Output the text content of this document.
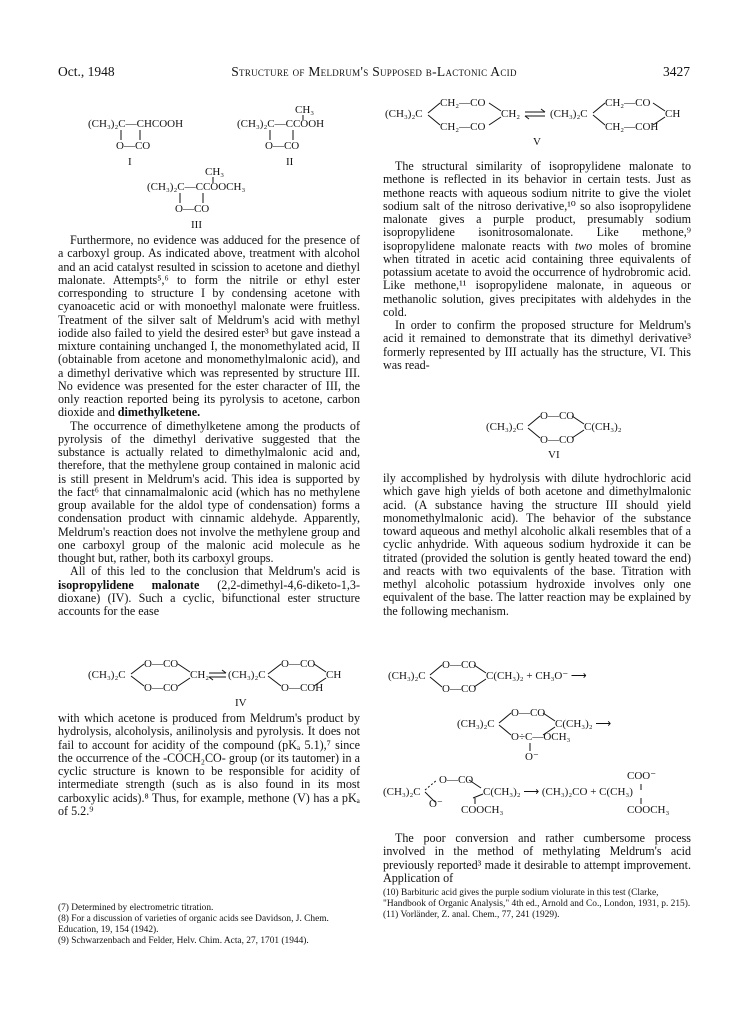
Oct., 1948	Structure of Meldrum's Supposed β-Lactonic Acid	3427

(CH₃)₂C—CHCOOH

O—CO

I

CH₃

(CH₃)₂C—CCOOH

O—CO

II

CH₃

(CH₃)₂C—CCOOCH₃

O—CO

III

Furthermore, no evidence was adduced for the presence of a carboxyl group. As indicated above, treatment with alcohol and an acid catalyst resulted in scission to acetone and diethyl malonate. Attempts⁵,⁶ to form the nitrile or ethyl ester corresponding to structure I by condensing acetone with cyanoacetic acid or with monoethyl malonate were fruitless. Treatment of the silver salt of Meldrum's acid with methyl iodide also failed to yield the desired ester³ but gave instead a mixture containing unchanged I, the monomethylated acid, II (obtainable from acetone and monomethylmalonic acid), and a dimethyl derivative which was represented by structure III. No evidence was presented for the ester character of III, the only reaction reported being its pyrolysis to acetone, carbon dioxide and dimethylketene.

The occurrence of dimethylketene among the products of pyrolysis of the dimethyl derivative suggested that the substance is actually related to dimethylmalonic acid and, therefore, that the methylene group contained in malonic acid is still present in Meldrum's acid. This idea is supported by the fact⁶ that cinnamalmalonic acid (which has no methylene group available for the aldol type of condensation) forms a condensation product with cinnamic aldehyde. Apparently, Meldrum's reaction does not involve the methylene group and one carboxyl group of the malonic acid molecule as he thought but, rather, both its carboxyl groups.

All of this led to the conclusion that Meldrum's acid is isopropylidene malonate (2,2-dimethyl-4,6-diketo-1,3-dioxane) (IV). Such a cyclic, bifunctional ester structure accounts for the ease

(CH₃)₂C

O—CO

O—CO

CH₂

(CH₃)₂C

O—CO

O—COH

CH

IV

with which acetone is produced from Meldrum's product by hydrolysis, alcoholysis, anilinolysis and pyrolysis. It does not fail to account for acidity of the compound (pKₐ 5.1),⁷ since the occurrence of the -COCH₂CO- group (or its tautomer) in a cyclic structure is known to be responsible for acidity of intermediate strength (such as is also found in its most carboxylic acids).⁸ Thus, for example, methone (V) has a pKₐ of 5.2.⁹

(7) Determined by electrometric titration.

(8) For a discussion of varieties of organic acids see Davidson, J. Chem. Education, 19, 154 (1942).

(9) Schwarzenbach and Felder, Helv. Chim. Acta, 27, 1701 (1944).

(CH₃)₂C

CH₂—CO

CH₂—CO

CH₂

	(CH₃)₂C

CH₂—CO

CH₂—COH

CH

V

The structural similarity of isopropylidene malonate to methone is reflected in its behavior in certain tests. Just as methone reacts with aqueous sodium nitrite to give the violet sodium salt of the nitroso derivative,¹⁰ so also isopropylidene malonate gives a purple product, presumably sodium isopropylidene isonitrosomalonate. Like methone,⁹ isopropylidene malonate reacts with two moles of bromine when titrated in acetic acid containing three equivalents of potassium acetate to avoid the occurrence of hydrobromic acid. Like methone,¹¹ isopropylidene malonate, in aqueous or methanolic solution, gives precipitates with aldehydes in the cold.

In order to confirm the proposed structure for Meldrum's acid it remained to demonstrate that its dimethyl derivative³ formerly represented by III actually has the structure, VI. This was read-

(CH₃)₂C

O—CO

O—CO

C(CH₃)₂

VI

ily accomplished by hydrolysis with dilute hydrochloric acid which gave high yields of both acetone and dimethylmalonic acid. (A substance having the structure III should yield monomethylmalonic acid). The behavior of the substance toward aqueous and methyl alcoholic alkali resembles that of a cyclic anhydride. With aqueous sodium hydroxide it can be titrated (provided the solution is gently heated toward the end) and reacts with two equivalents of the base. Titration with methyl alcoholic potassium hydroxide involves only one equivalent of the base. The latter reaction may be explained by the following mechanism.

(CH₃)₂C

O—CO

O—CO

C(CH₃)₂ + CH₃O⁻ ⟶

(CH₃)₂C

O—CO

O÷C—OCH₃

C(CH₃)₂ ⟶

O⁻

O—CO

(CH₃)₂C

O⁻

C(CH₃)₂ ⟶ (CH₃)₂CO + C(CH₃)

COOCH₃

COO⁻

COOCH₃

The poor conversion and rather cumbersome process involved in the method of methylating Meldrum's acid previously reported³ made it desirable to attempt improvement. Application of

(10) Barbituric acid gives the purple sodium violurate in this test (Clarke, "Handbook of Organic Analysis," 4th ed., Arnold and Co., London, 1931, p. 215).

(11) Vorländer, Z. anal. Chem., 77, 241 (1929).
